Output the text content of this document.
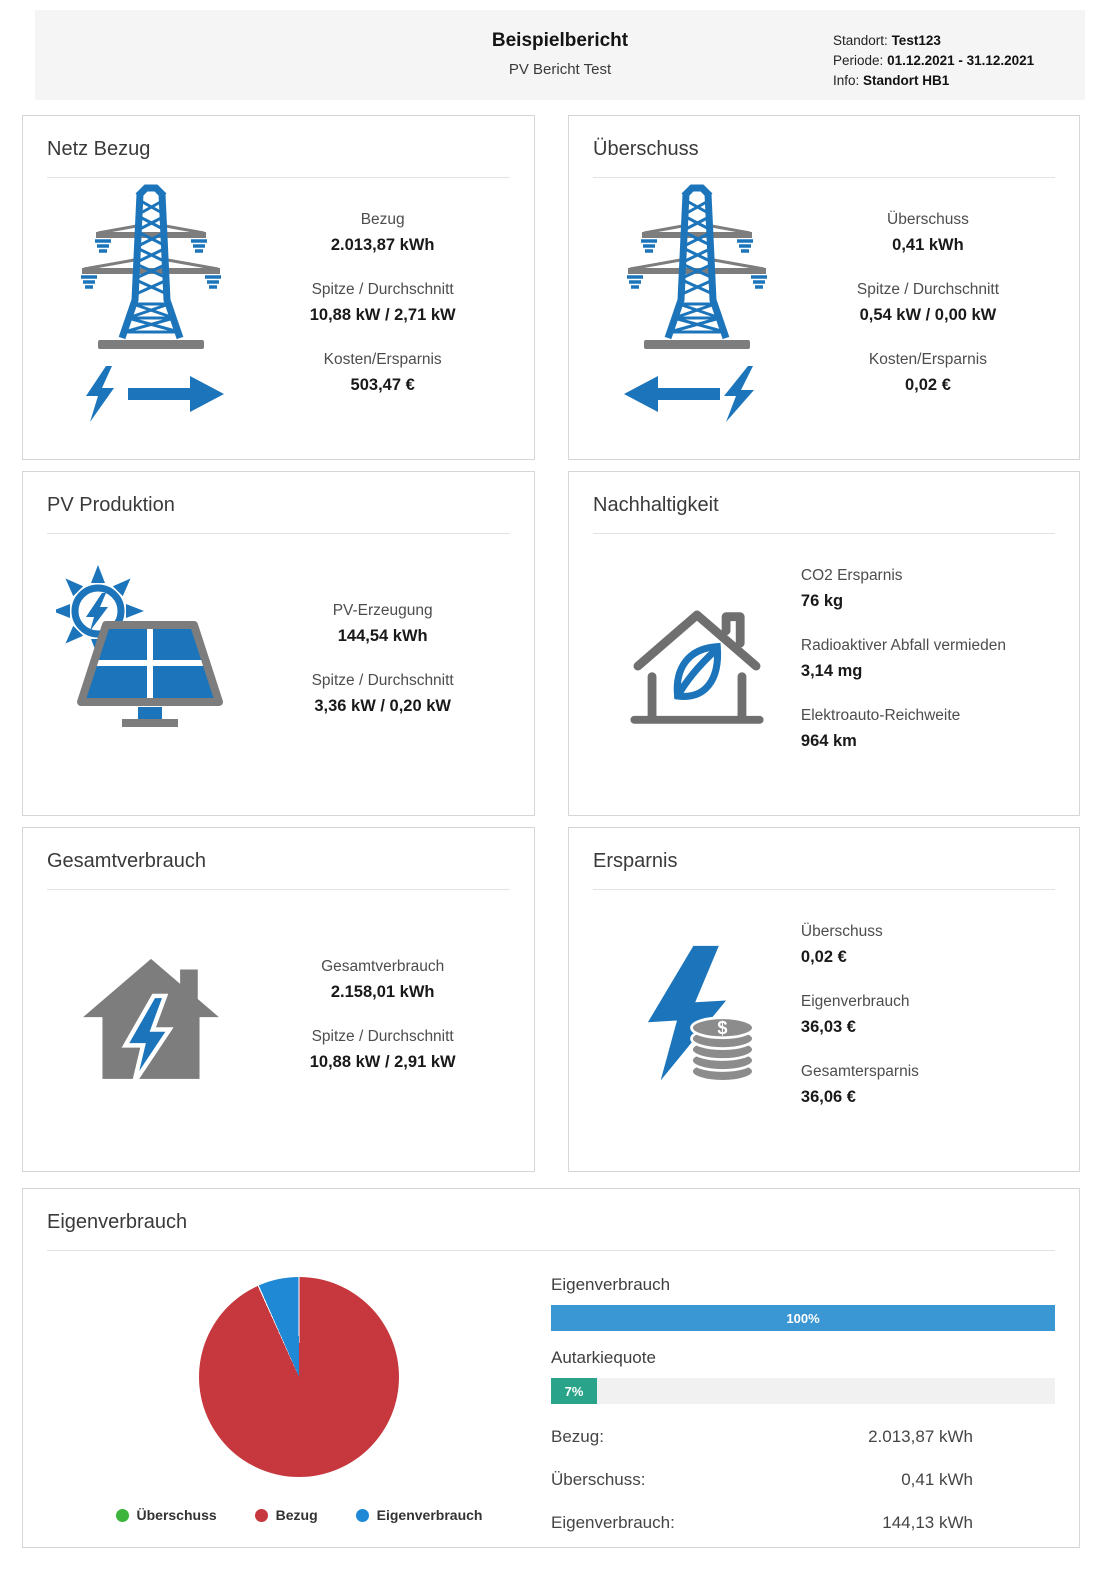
Beispielbericht
PV Bericht Test
Standort: Test123
Periode: 01.12.2021 - 31.12.2021
Info: Standort HB1
Netz Bezug
Bezug
2.013,87 kWh
Spitze / Durchschnitt
10,88 kW / 2,71 kW
Kosten/Ersparnis
503,47 €
Überschuss
Überschuss
0,41 kWh
Spitze / Durchschnitt
0,54 kW / 0,00 kW
Kosten/Ersparnis
0,02 €
PV Produktion
PV-Erzeugung
144,54 kWh
Spitze / Durchschnitt
3,36 kW / 0,20 kW
Nachhaltigkeit
CO2 Ersparnis
76 kg
Radioaktiver Abfall vermieden
3,14 mg
Elektroauto-Reichweite
964 km
Gesamtverbrauch
Gesamtverbrauch
2.158,01 kWh
Spitze / Durchschnitt
10,88 kW / 2,91 kW
Ersparnis
$
Überschuss
0,02 €
Eigenverbrauch
36,03 €
Gesamtersparnis
36,06 €
Eigenverbrauch
Überschuss	Bezug	Eigenverbrauch
Eigenverbrauch
100%
Autarkiequote
7%
Bezug:	2.013,87 kWh
Überschuss:	0,41 kWh
Eigenverbrauch:	144,13 kWh
